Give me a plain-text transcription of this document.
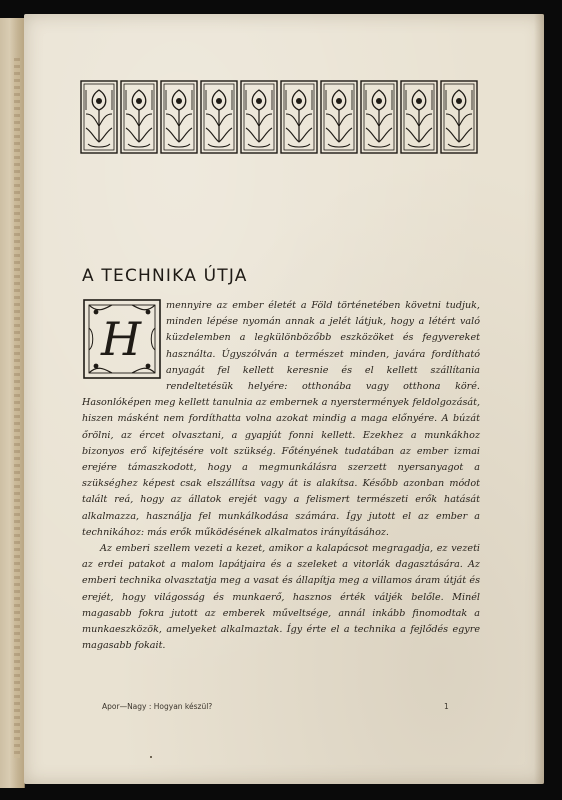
A TECHNIKA ÚTJA
H

mennyire az ember életét a Föld történetében követni tudjuk, minden lépése nyomán annak a jelét látjuk, hogy a létért való küzdelemben a legkülönbözőbb eszközöket és fegyvereket használta. Úgyszólván a természet minden, javára fordítható anyagát fel kellett keresnie és el kellett szállítania rendeltetésük helyére: otthonába vagy otthona köré. Hasonlóképen meg kellett tanulnia az embernek a nyerstermények feldolgozását, hiszen másként nem fordíthatta volna azokat mindig a maga előnyére. A búzát őrölni, az ércet olvasztani, a gyapjút fonni kellett. Ezekhez a munkákhoz bizonyos erő kifejtésére volt szükség. Főtényének tudatában az ember izmai erejére támaszkodott, hogy a megmunkálásra szerzett nyersanyagot a szükséghez képest csak elszállítsa vagy át is alakítsa. Később azonban módot talált reá, hogy az állatok erejét vagy a felismert természeti erők hatását alkalmazza, használja fel munkálkodása számára. Így jutott el az ember a technikához: más erők működésének alkalmatos irányításához.

Az emberi szellem vezeti a kezet, amikor a kalapácsot megragadja, ez vezeti az erdei patakot a malom lapátjaira és a szeleket a vitorlák dagasztására. Az emberi technika olvasztatja meg a vasat és állapítja meg a villamos áram útját és erejét, hogy világosság és munkaerő, hasznos érték váljék belőle. Minél magasabb fokra jutott az emberek műveltsége, annál inkább finomodtak a munkaeszközök, amelyeket alkalmaztak. Így érte el a technika a fejlődés egyre magasabb fokait.

Apor—Nagy : Hogyan készül?	1
